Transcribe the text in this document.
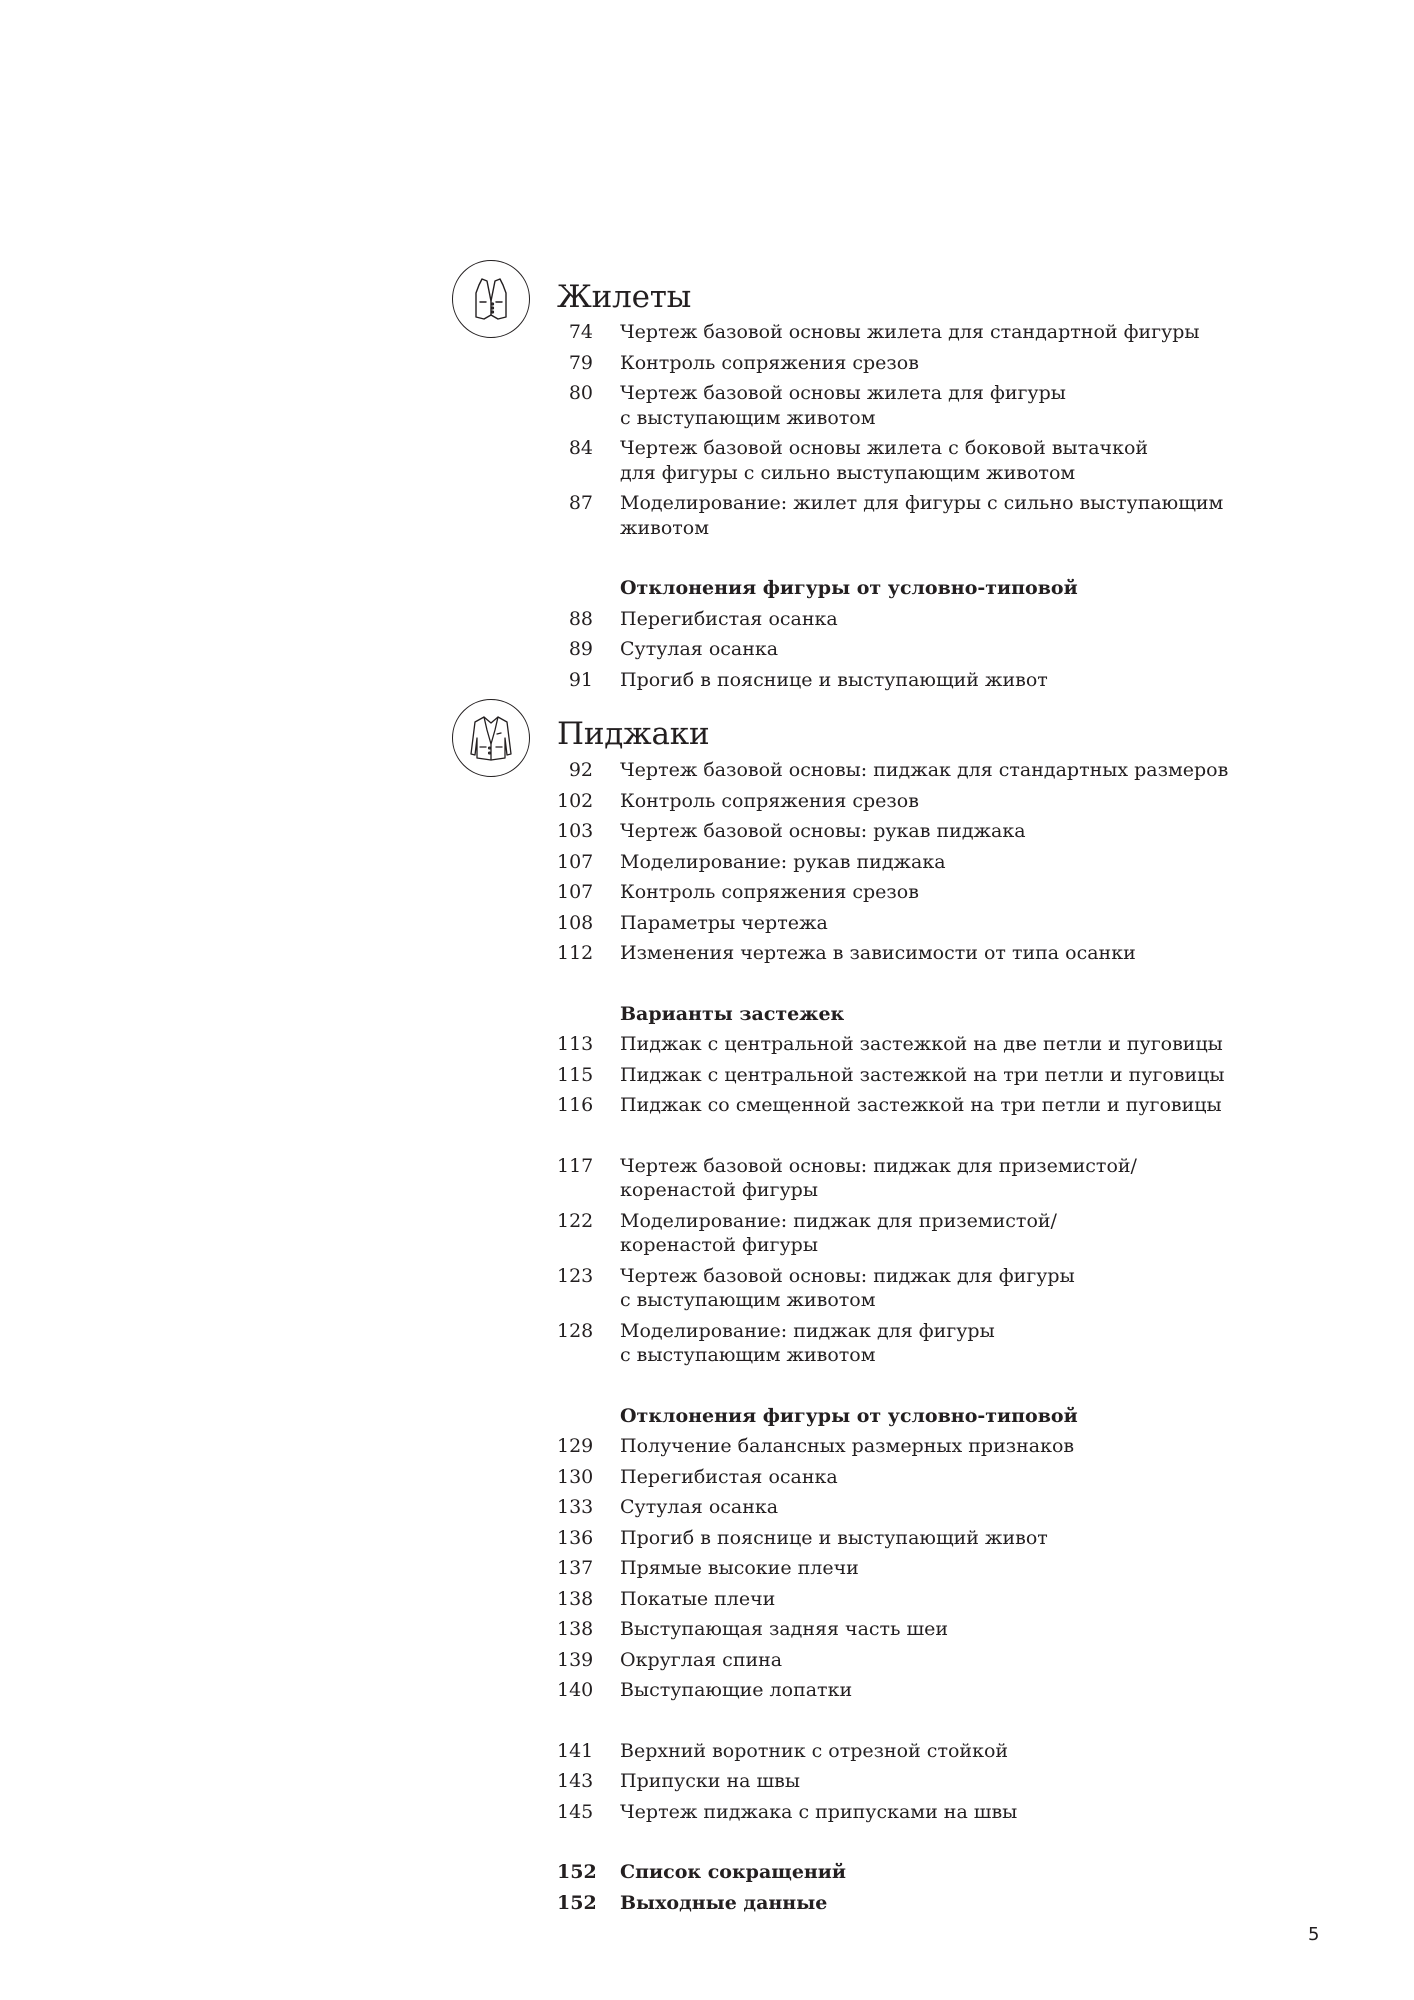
Жилеты
74 Чертеж базовой основы жилета для стандартной фигуры
79 Контроль сопряжения срезов
80 Чертеж базовой основы жилета для фигуры
с выступающим животом
84 Чертеж базовой основы жилета с боковой вытачкой
для фигуры с сильно выступающим животом
87 Моделирование: жилет для фигуры с сильно выступающим
животом
Отклонения фигуры от условно-типовой
88 Перегибистая осанка
89 Сутулая осанка
91 Прогиб в пояснице и выступающий живот
Пиджаки
92 Чертеж базовой основы: пиджак для стандартных размеров
102 Контроль сопряжения срезов
103 Чертеж базовой основы: рукав пиджака
107 Моделирование: рукав пиджака
107 Контроль сопряжения срезов
108 Параметры чертежа
112 Изменения чертежа в зависимости от типа осанки
Варианты застежек
113 Пиджак с центральной застежкой на две петли и пуговицы
115 Пиджак с центральной застежкой на три петли и пуговицы
116 Пиджак со смещенной застежкой на три петли и пуговицы
117 Чертеж базовой основы: пиджак для приземистой/
коренастой фигуры
122 Моделирование: пиджак для приземистой/
коренастой фигуры
123 Чертеж базовой основы: пиджак для фигуры
с выступающим животом
128 Моделирование: пиджак для фигуры
с выступающим животом
Отклонения фигуры от условно-типовой
129 Получение балансных размерных признаков
130 Перегибистая осанка
133 Сутулая осанка
136 Прогиб в пояснице и выступающий живот
137 Прямые высокие плечи
138 Покатые плечи
138 Выступающая задняя часть шеи
139 Округлая спина
140 Выступающие лопатки
141 Верхний воротник с отрезной стойкой
143 Припуски на швы
145 Чертеж пиджака с припусками на швы
152 Список сокращений
152 Выходные данные
5
